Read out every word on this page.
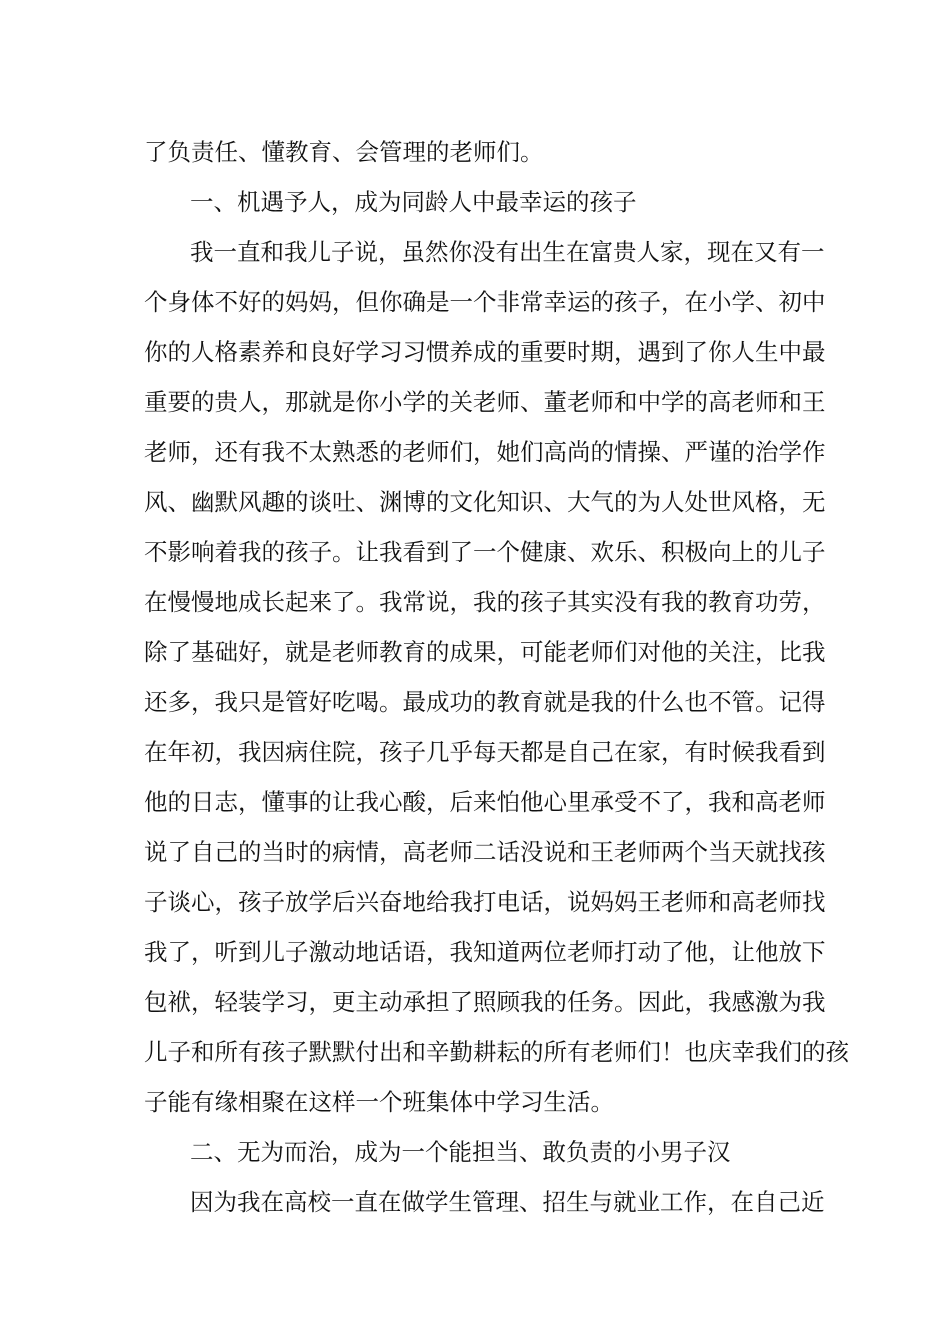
了负责任、懂教育、会管理的老师们。
一、机遇予人，成为同龄人中最幸运的孩子
我一直和我儿子说，虽然你没有出生在富贵人家，现在又有一
个身体不好的妈妈，但你确是一个非常幸运的孩子，在小学、初中
你的人格素养和良好学习习惯养成的重要时期，遇到了你人生中最
重要的贵人，那就是你小学的关老师、董老师和中学的高老师和王
老师，还有我不太熟悉的老师们，她们高尚的情操、严谨的治学作
风、幽默风趣的谈吐、渊博的文化知识、大气的为人处世风格，无
不影响着我的孩子。让我看到了一个健康、欢乐、积极向上的儿子
在慢慢地成长起来了。我常说，我的孩子其实没有我的教育功劳，
除了基础好，就是老师教育的成果，可能老师们对他的关注，比我
还多，我只是管好吃喝。最成功的教育就是我的什么也不管。记得
在年初，我因病住院，孩子几乎每天都是自己在家，有时候我看到
他的日志，懂事的让我心酸，后来怕他心里承受不了，我和高老师
说了自己的当时的病情，高老师二话没说和王老师两个当天就找孩
子谈心，孩子放学后兴奋地给我打电话，说妈妈王老师和高老师找
我了，听到儿子激动地话语，我知道两位老师打动了他，让他放下
包袱，轻装学习，更主动承担了照顾我的任务。因此，我感激为我
儿子和所有孩子默默付出和辛勤耕耘的所有老师们！也庆幸我们的孩
子能有缘相聚在这样一个班集体中学习生活。
二、无为而治，成为一个能担当、敢负责的小男子汉
因为我在高校一直在做学生管理、招生与就业工作，在自己近
